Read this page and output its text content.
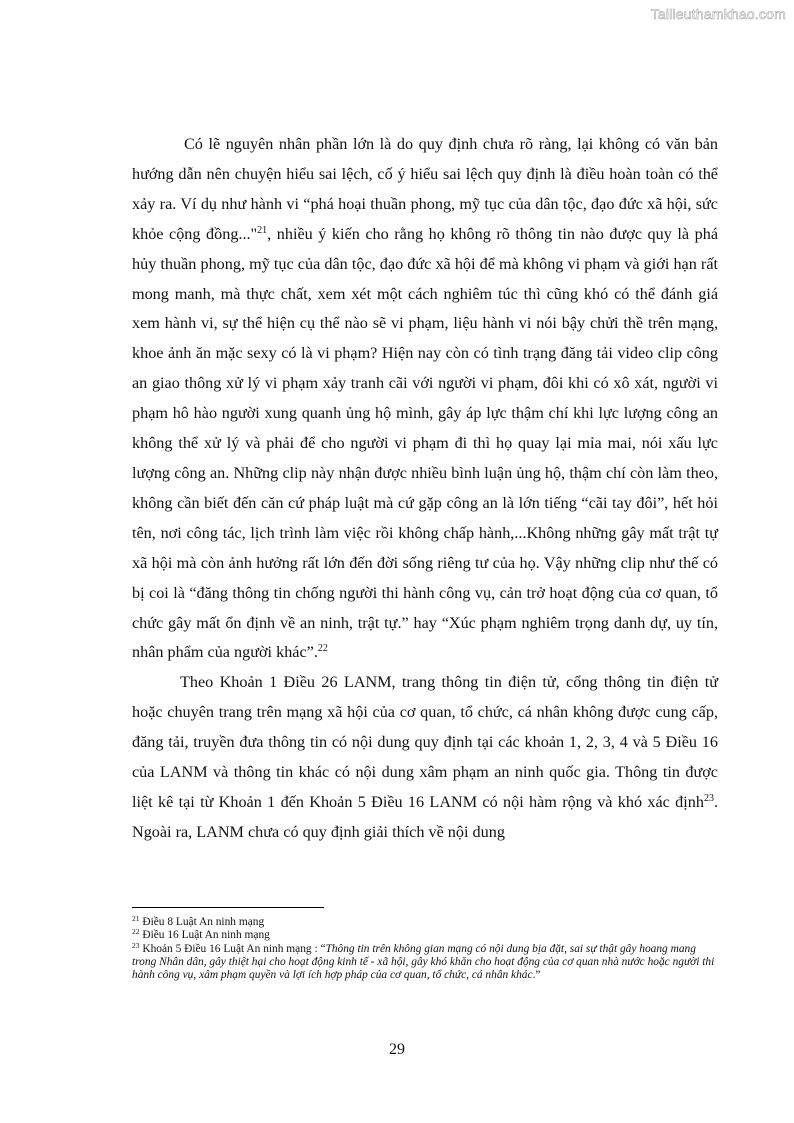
Tailieuthamkhao.com

Có lẽ nguyên nhân phần lớn là do quy định chưa rõ ràng, lại không có văn bản hướng dẫn nên chuyện hiểu sai lệch, cố ý hiểu sai lệch quy định là điều hoàn toàn có thể xảy ra. Ví dụ như hành vi “phá hoại thuần phong, mỹ tục của dân tộc, đạo đức xã hội, sức khỏe cộng đồng..."$^{21}$, nhiều ý kiến cho rằng họ không rõ thông tin nào được quy là phá hủy thuần phong, mỹ tục của dân tộc, đạo đức xã hội để mà không vi phạm và giới hạn rất mong manh, mà thực chất, xem xét một cách nghiêm túc thì cũng khó có thể đánh giá xem hành vi, sự thể hiện cụ thể nào sẽ vi phạm, liệu hành vi nói bậy chửi thề trên mạng, khoe ảnh ăn mặc sexy có là vi phạm? Hiện nay còn có tình trạng đăng tải video clip công an giao thông xử lý vi phạm xảy tranh cãi với người vi phạm, đôi khi có xô xát, người vi phạm hô hào người xung quanh ủng hộ mình, gây áp lực thậm chí khi lực lượng công an không thể xử lý và phải để cho người vi phạm đi thì họ quay lại mỉa mai, nói xấu lực lượng công an. Những clip này nhận được nhiều bình luận ủng hộ, thậm chí còn làm theo, không cần biết đến căn cứ pháp luật mà cứ gặp công an là lớn tiếng “cãi tay đôi”, hết hỏi tên, nơi công tác, lịch trình làm việc rồi không chấp hành,...Không những gây mất trật tự xã hội mà còn ảnh hưởng rất lớn đến đời sống riêng tư của họ. Vậy những clip như thế có bị coi là “đăng thông tin chống người thi hành công vụ, cản trở hoạt động của cơ quan, tổ chức gây mất ổn định về an ninh, trật tự.” hay “Xúc phạm nghiêm trọng danh dự, uy tín, nhân phẩm của người khác”.$^{22}$

Theo Khoản 1 Điều 26 LANM, trang thông tin điện tử, cổng thông tin điện tử hoặc chuyên trang trên mạng xã hội của cơ quan, tổ chức, cá nhân không được cung cấp, đăng tải, truyền đưa thông tin có nội dung quy định tại các khoản 1, 2, 3, 4 và 5 Điều 16 của LANM và thông tin khác có nội dung xâm phạm an ninh quốc gia. Thông tin được liệt kê tại từ Khoản 1 đến Khoản 5 Điều 16 LANM có nội hàm rộng và khó xác định$^{23}$. Ngoài ra, LANM chưa có quy định giải thích về nội dung

$^{21}$ Điều 8 Luật An ninh mạng

$^{22}$ Điều 16 Luật An ninh mạng

$^{23}$ Khoản 5 Điều 16 Luật An ninh mạng : “Thông tin trên không gian mạng có nội dung bịa đặt, sai sự thật gây hoang mang trong Nhân dân, gây thiệt hại cho hoạt động kinh tế - xã hội, gây khó khăn cho hoạt động của cơ quan nhà nước hoặc người thi hành công vụ, xâm phạm quyền và lợi ích hợp pháp của cơ quan, tổ chức, cá nhân khác.”

29
